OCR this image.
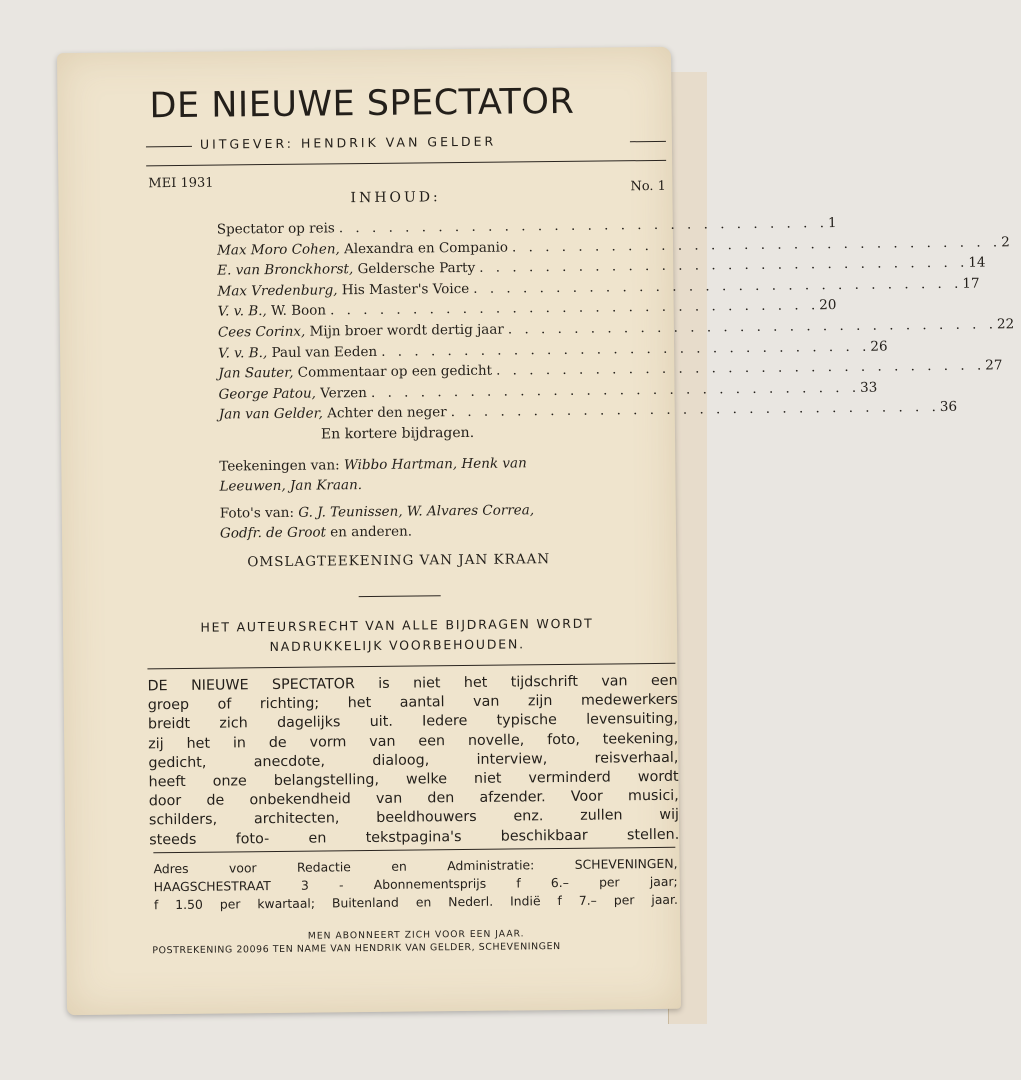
DE NIEUWE SPECTATOR
UITGEVER: HENDRIK VAN GELDER
MEI 1931	No. 1
INHOUD:
Spectator op reis . . . . . . . . . . . . . . . . . . . . . . . . . . . . . . 1
Max Moro Cohen,
Alexandra en Companio . . . . . . . . . . . . . . . . . . . . . . . . . . . . . . 2
E. van Bronckhorst,
Geldersche Party . . . . . . . . . . . . . . . . . . . . . . . . . . . . . . 14
Max Vredenburg,
His Master's Voice . . . . . . . . . . . . . . . . . . . . . . . . . . . . . . 17
V. v. B.,
W. Boon . . . . . . . . . . . . . . . . . . . . . . . . . . . . . . 20
Cees Corinx,
Mijn broer wordt dertig jaar . . . . . . . . . . . . . . . . . . . . . . . . . . . . . . 22
V. v. B.,
Paul van Eeden . . . . . . . . . . . . . . . . . . . . . . . . . . . . . . 26
Jan Sauter,
Commentaar op een gedicht . . . . . . . . . . . . . . . . . . . . . . . . . . . . . . 27
George Patou,
Verzen . . . . . . . . . . . . . . . . . . . . . . . . . . . . . . 33
Jan van Gelder,
Achter den neger . . . . . . . . . . . . . . . . . . . . . . . . . . . . . . 36
En kortere bijdragen.
Teekeningen van: Wibbo Hartman, Henk van Leeuwen, Jan Kraan.
Foto's van: G. J. Teunissen, W. Alvares Correa, Godfr. de Groot en anderen.
OMSLAGTEEKENING VAN JAN KRAAN
HET AUTEURSRECHT VAN ALLE BIJDRAGEN WORDT
NADRUKKELIJK VOORBEHOUDEN.
DE NIEUWE SPECTATOR is niet het tijdschrift van een
groep of richting; het aantal van zijn medewerkers
breidt zich dagelijks uit. Iedere typische levensuiting,
zij het in de vorm van een novelle, foto, teekening,
gedicht, anecdote, dialoog, interview, reisverhaal,
heeft onze belangstelling, welke niet verminderd wordt
door de onbekendheid van den afzender. Voor musici,
schilders, architecten, beeldhouwers enz. zullen wij
steeds foto- en tekstpagina's beschikbaar stellen.
Adres voor Redactie en Administratie: SCHEVENINGEN,
HAAGSCHESTRAAT 3 - Abonnementsprijs f 6.– per jaar;
f 1.50 per kwartaal; Buitenland en Nederl. Indië f 7.– per jaar.
MEN ABONNEERT ZICH VOOR EEN JAAR.
POSTREKENING 20096 TEN NAME VAN HENDRIK VAN GELDER, SCHEVENINGEN
